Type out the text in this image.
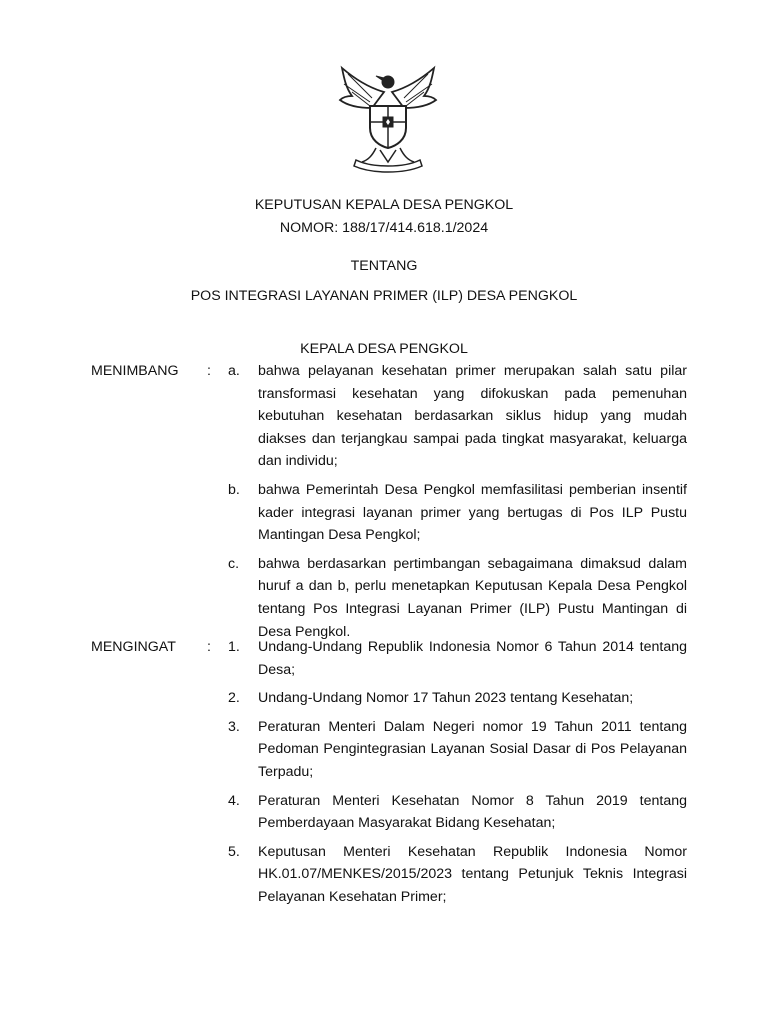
KEPUTUSAN KEPALA DESA PENGKOL
NOMOR: 188/17/414.618.1/2024
TENTANG
POS INTEGRASI LAYANAN PRIMER (ILP) DESA PENGKOL
KEPALA DESA PENGKOL
MENIMBANG : a. bahwa pelayanan kesehatan primer merupakan salah satu pilar transformasi kesehatan yang difokuskan pada pemenuhan kebutuhan kesehatan berdasarkan siklus hidup yang mudah diakses dan terjangkau sampai pada tingkat masyarakat, keluarga dan individu;
b. bahwa Pemerintah Desa Pengkol memfasilitasi pemberian insentif kader integrasi layanan primer yang bertugas di Pos ILP Pustu Mantingan Desa Pengkol;
c. bahwa berdasarkan pertimbangan sebagaimana dimaksud dalam huruf a dan b, perlu menetapkan Keputusan Kepala Desa Pengkol tentang Pos Integrasi Layanan Primer (ILP) Pustu Mantingan di Desa Pengkol.
MENGINGAT : 1. Undang-Undang Republik Indonesia Nomor 6 Tahun 2014 tentang Desa;
2. Undang-Undang Nomor 17 Tahun 2023 tentang Kesehatan;
3. Peraturan Menteri Dalam Negeri nomor 19 Tahun 2011 tentang Pedoman Pengintegrasian Layanan Sosial Dasar di Pos Pelayanan Terpadu;
4. Peraturan Menteri Kesehatan Nomor 8 Tahun 2019 tentang Pemberdayaan Masyarakat Bidang Kesehatan;
5. Keputusan Menteri Kesehatan Republik Indonesia Nomor HK.01.07/MENKES/2015/2023 tentang Petunjuk Teknis Integrasi Pelayanan Kesehatan Primer;
